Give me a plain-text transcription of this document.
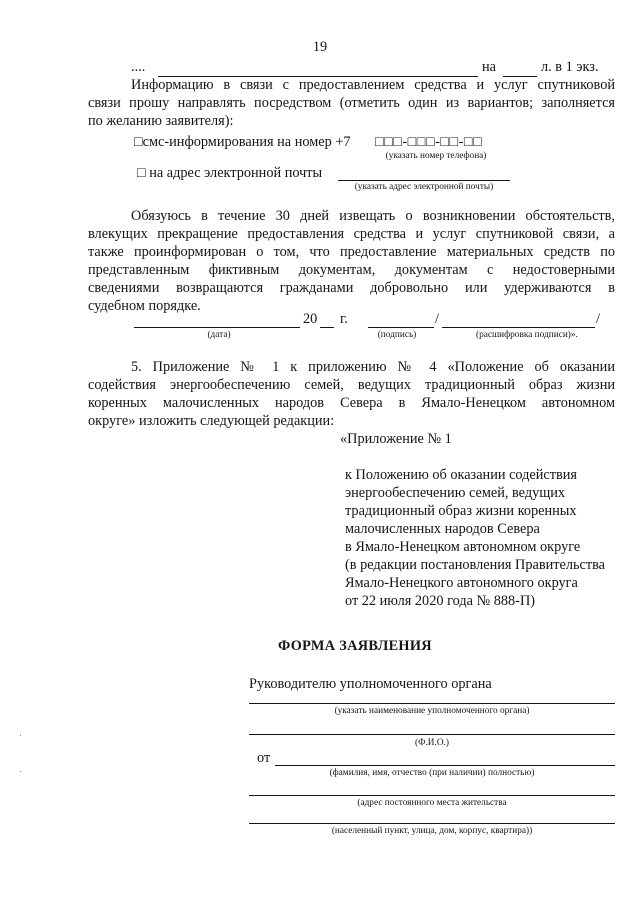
19
....	на	л. в 1 экз.
Информацию в связи с предоставлением средства и услуг спутниковой
связи прошу направлять посредством (отметить один из вариантов; заполняется
по желанию заявителя):
□смс-информирования на номер +7 □□□-□□□-□□-□□
(указать номер телефона)
□ на адрес электронной почты
(указать адрес электронной почты)
Обязуюсь в течение 30 дней извещать о возникновении обстоятельств,
влекущих прекращение предоставления средства и услуг спутниковой связи, а
также проинформирован о том, что предоставление материальных средств по
представленным фиктивным документам, документам с недостоверными
сведениями возвращаются гражданами добровольно или удерживаются в
судебном порядке.
20 г.	/	/
(дата)	(подпись)	(расшифровка подписи)».
5. Приложение № 1 к приложению № 4 «Положение об оказании
содействия энергообеспечению семей, ведущих традиционный образ жизни
коренных малочисленных народов Севера в Ямало-Ненецком автономном
округе» изложить следующей редакции:
«Приложение № 1
к Положению об оказании содействия
энергообеспечению семей, ведущих
традиционный образ жизни коренных
малочисленных народов Севера
в Ямало-Ненецком автономном округе
(в редакции постановления Правительства
Ямало-Ненецкого автономного округа
от 22 июля 2020 года № 888-П)
ФОРМА ЗАЯВЛЕНИЯ
Руководителю уполномоченного органа
(указать наименование уполномоченного органа)
(Ф.И.О.)
от
(фамилия, имя, отчество (при наличии) полностью)
(адрес постоянного места жительства
(населенный пункт, улица, дом, корпус, квартира))
